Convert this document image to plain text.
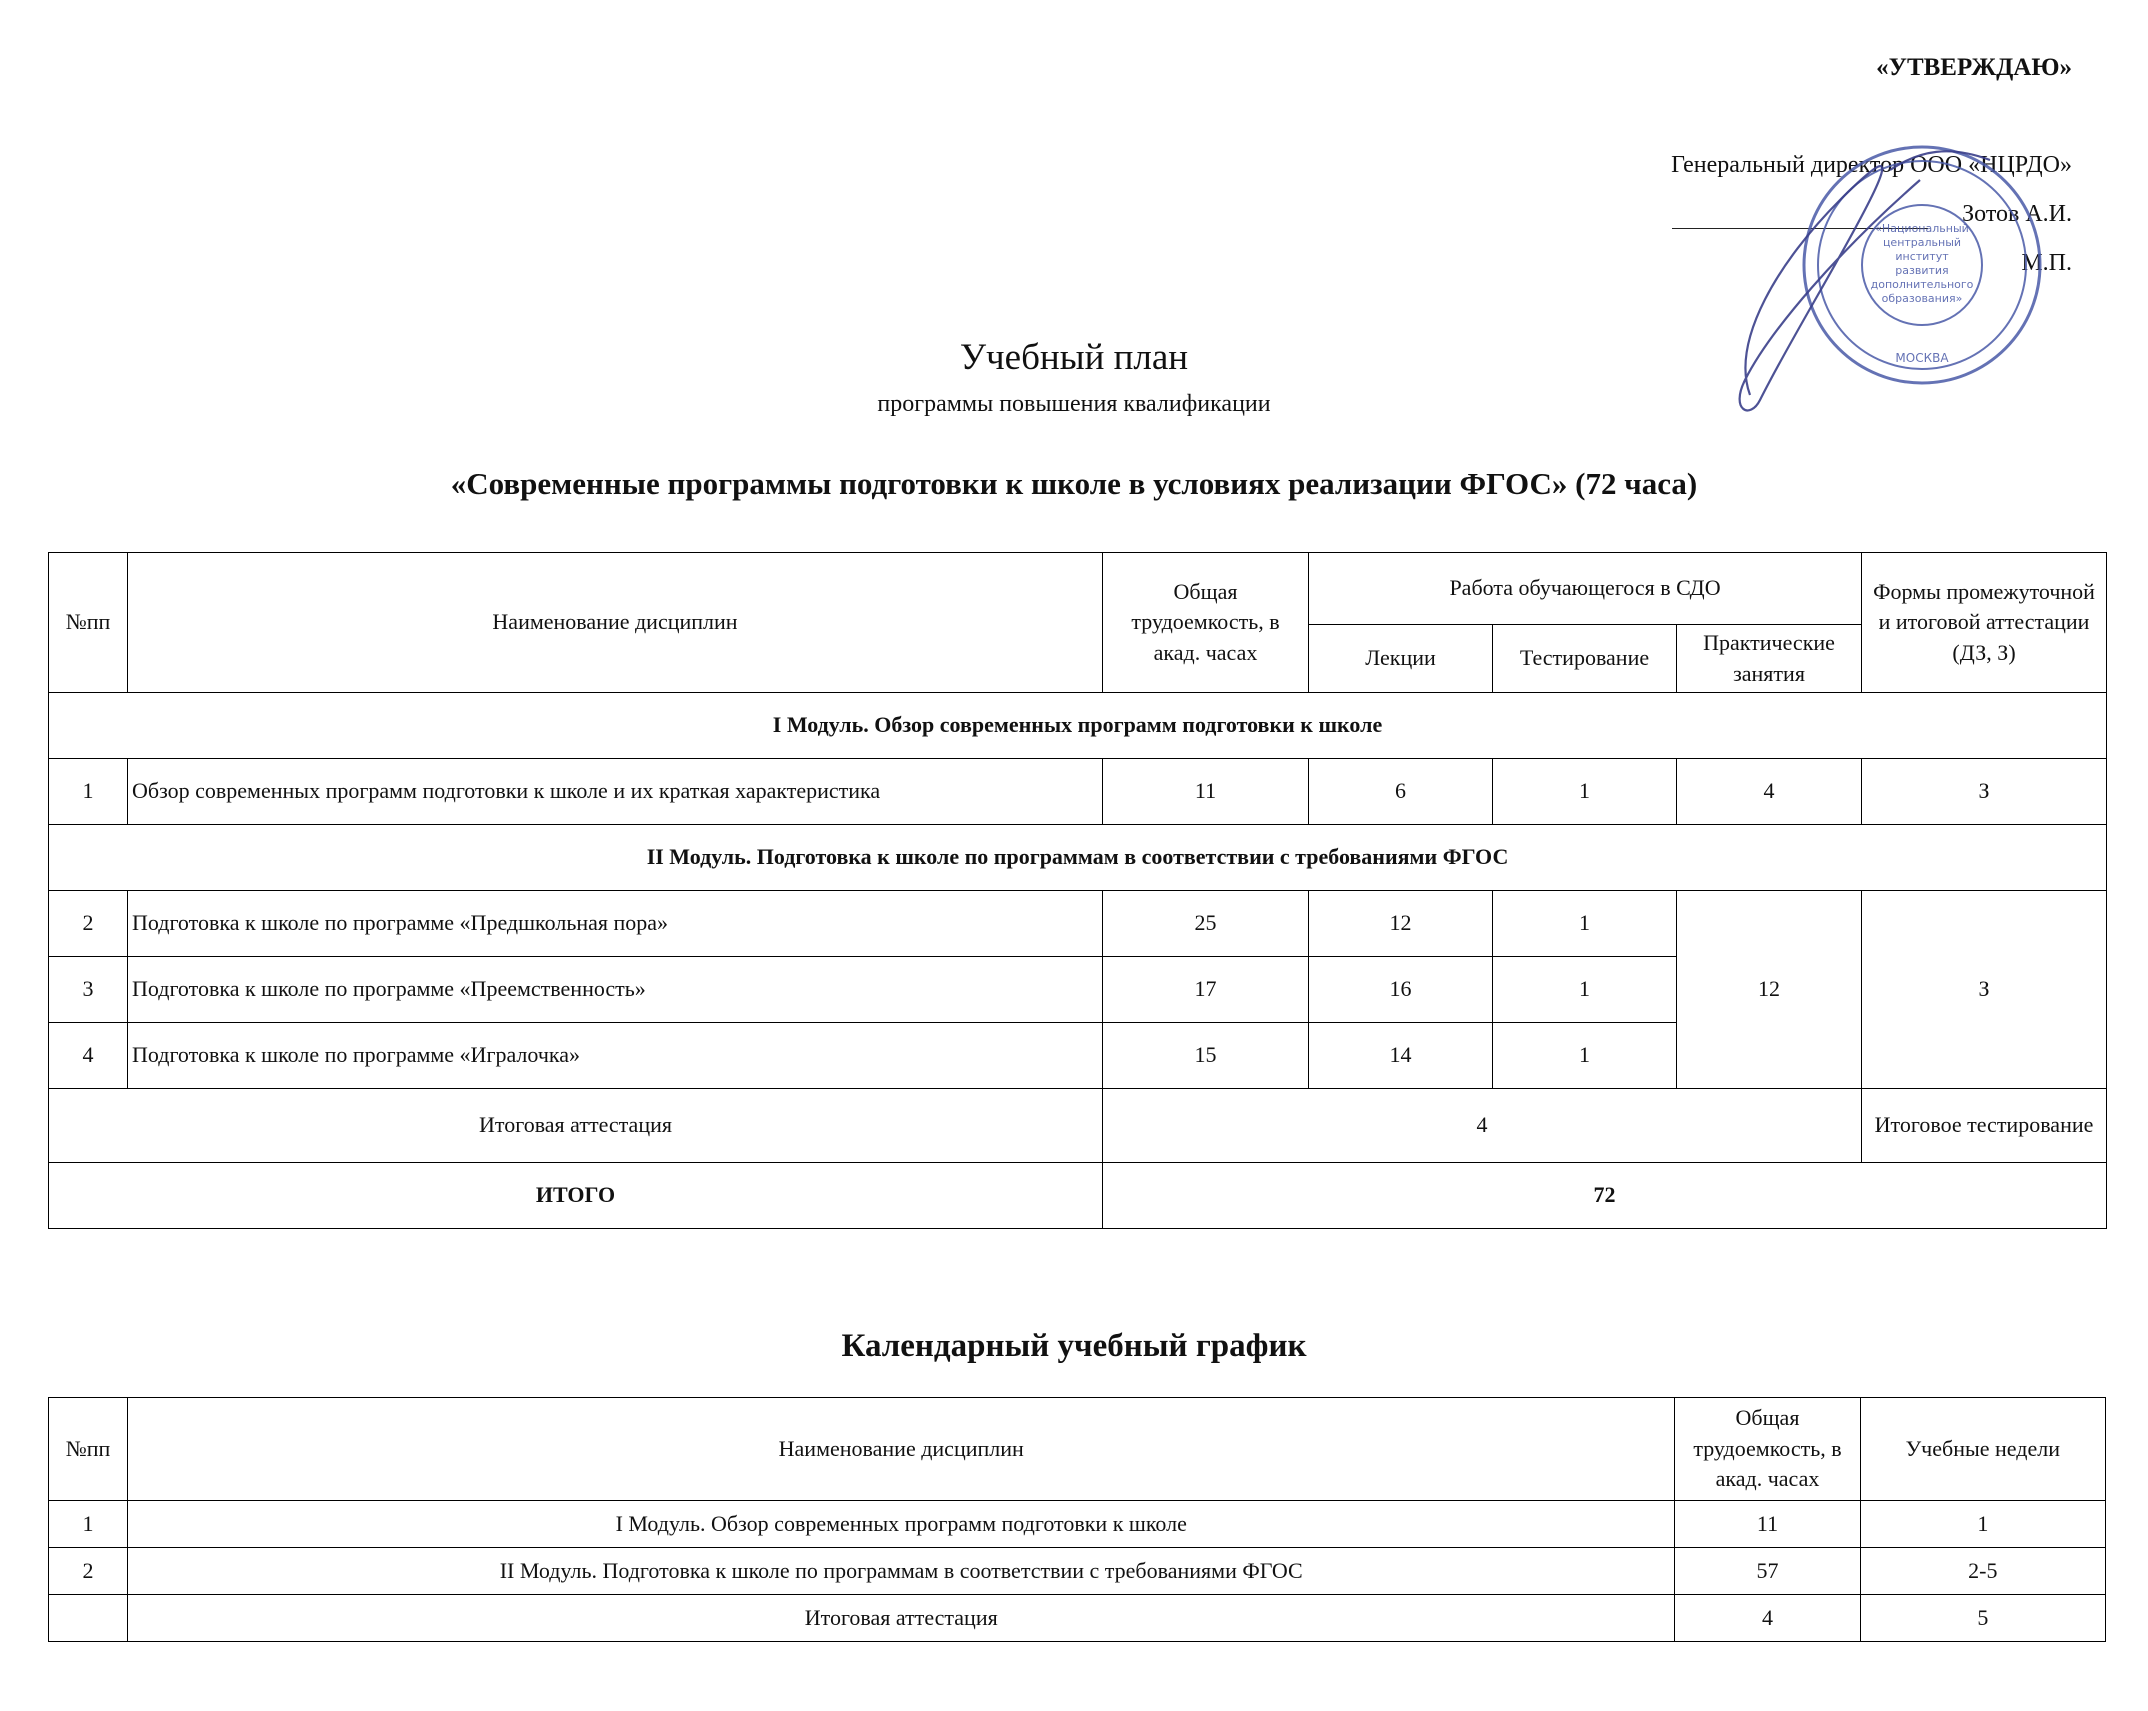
«УТВЕРЖДАЮ»
Генеральный директор ООО «НЦРДО»
Зотов А.И.
М.П.
«Национальный
центральный
институт
развития
дополнительного
образования»
МОСКВА
Учебный план
программы повышения квалификации
«Современные программы подготовки к школе в условиях реализации ФГОС» (72 часа)
№пп	Наименование дисциплин	Общая трудоемкость, в акад. часах	Работа обучающегося в СДО			Формы промежуточной и итоговой аттестации (ДЗ, З)
			Лекции	Тестирование	Практические занятия	
I Модуль. Обзор современных программ подготовки к школе						
1	Обзор современных программ подготовки к школе и их краткая характеристика	11	6	1	4	З
II Модуль. Подготовка к школе по программам в соответствии с требованиями ФГОС						
2	Подготовка к школе по программе «Предшкольная пора»	25	12	1	12	З
3	Подготовка к школе по программе «Преемственность»	17	16	1		
4	Подготовка к школе по программе «Игралочка»	15	14	1		
Итоговая аттестация		4				Итоговое тестирование
ИТОГО		72				
Календарный учебный график
№пп	Наименование дисциплин	Общая трудоемкость, в акад. часах	Учебные недели
1	I Модуль. Обзор современных программ подготовки к школе	11	1
2	II Модуль. Подготовка к школе по программам в соответствии с требованиями ФГОС	57	2-5
	Итоговая аттестация	4	5
